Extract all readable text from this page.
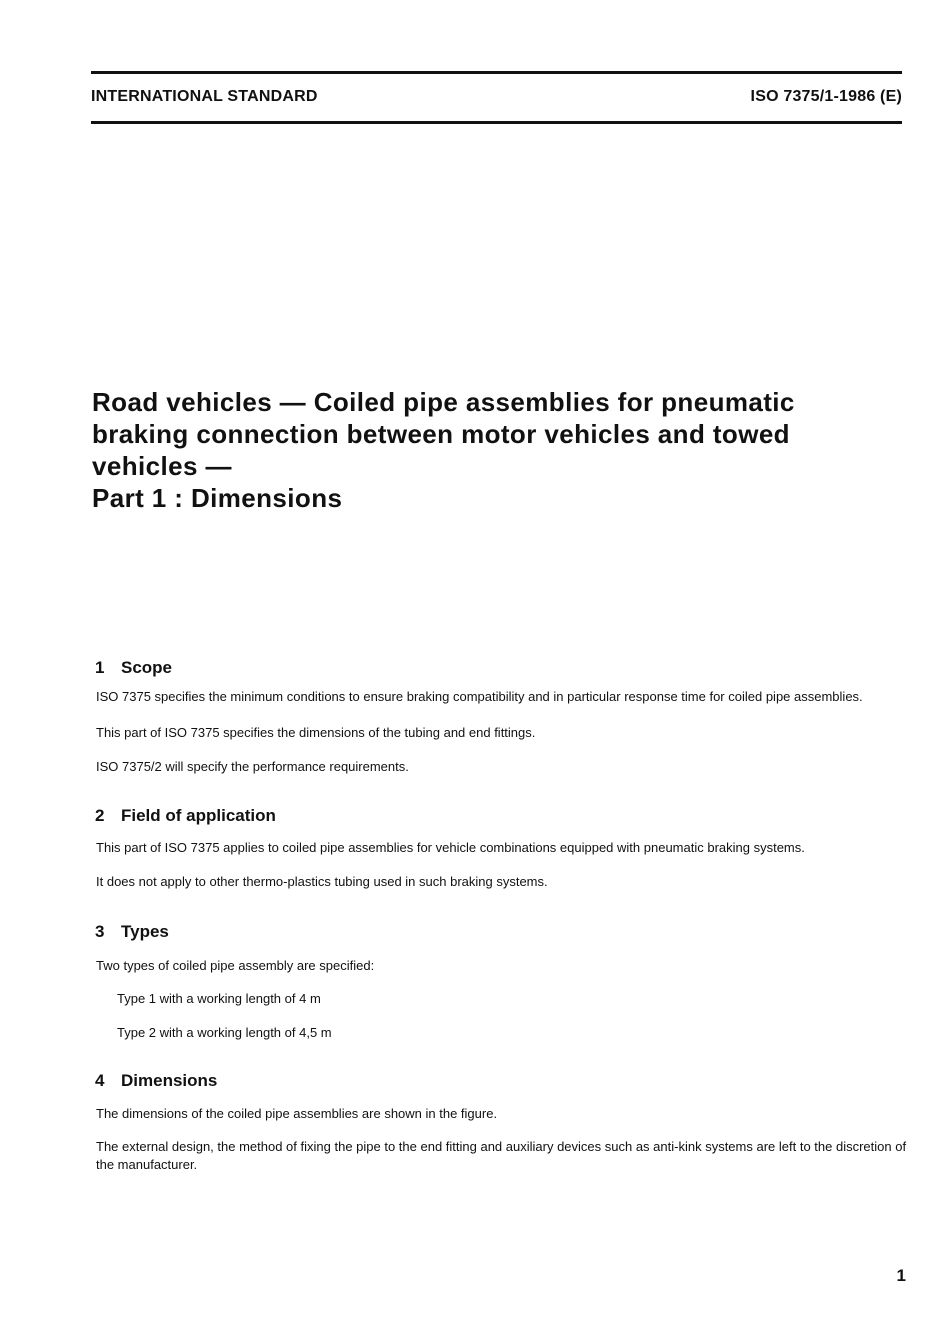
INTERNATIONAL STANDARD	ISO 7375/1-1986 (E)
Road vehicles — Coiled pipe assemblies for pneumatic
braking connection between motor vehicles and towed
vehicles —
Part 1 : Dimensions
1 Scope
ISO 7375 specifies the minimum conditions to ensure braking compatibility and in particular response time for coiled pipe assemblies.
This part of ISO 7375 specifies the dimensions of the tubing and end fittings.
ISO 7375/2 will specify the performance requirements.
2 Field of application
This part of ISO 7375 applies to coiled pipe assemblies for vehicle combinations equipped with pneumatic braking systems.
It does not apply to other thermo-plastics tubing used in such braking systems.
3 Types
Two types of coiled pipe assembly are specified:
Type 1 with a working length of 4 m
Type 2 with a working length of 4,5 m
4 Dimensions
The dimensions of the coiled pipe assemblies are shown in the figure.
The external design, the method of fixing the pipe to the end fitting and auxiliary devices such as anti-kink systems are left to the discretion of the manufacturer.
1
